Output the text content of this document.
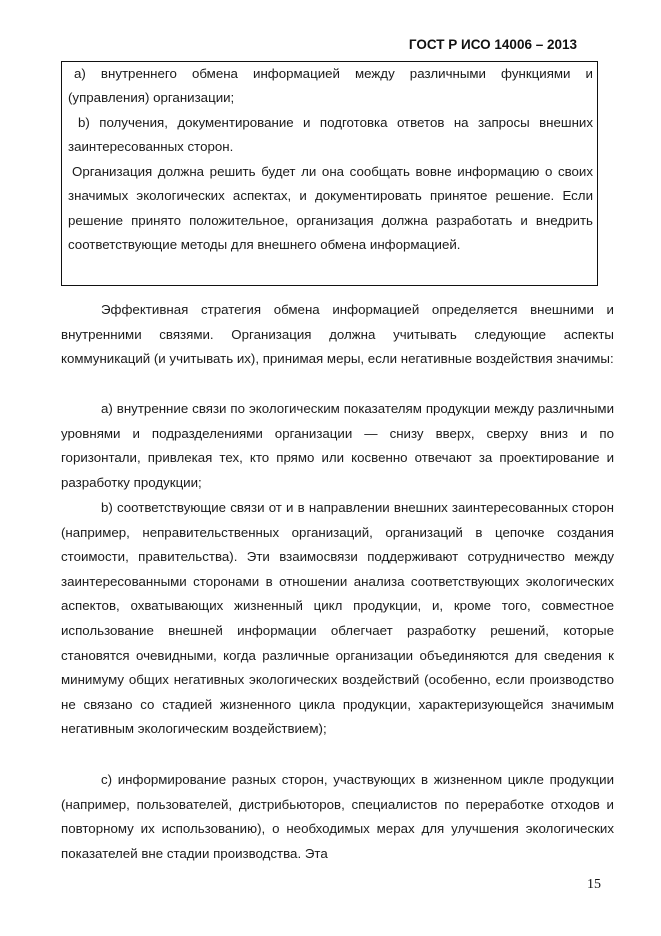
ГОСТ Р ИСО 14006 – 2013

а) внутреннего обмена информацией между различными функциями и (управления) организации;

b) получения, документирование и подготовка ответов на запросы внешних заинтересованных сторон.

Организация должна решить будет ли она сообщать вовне информацию о своих значимых экологических аспектах, и документировать принятое решение. Если решение принято положительное, организация должна разработать и внедрить соответствующие методы для внешнего обмена информацией.

Эффективная стратегия обмена информацией определяется внешними и внутренними связями. Организация должна учитывать следующие аспекты коммуникаций (и учитывать их), принимая меры, если негативные воздействия значимы:

а) внутренние связи по экологическим показателям продукции между различными уровнями и подразделениями организации — снизу вверх, сверху вниз и по горизонтали, привлекая тех, кто прямо или косвенно отвечают за проектирование и разработку продукции;

b) соответствующие связи от и в направлении внешних заинтересованных сторон (например, неправительственных организаций, организаций в цепочке создания стоимости, правительства). Эти взаимосвязи поддерживают сотрудничество между заинтересованными сторонами в отношении анализа соответствующих экологических аспектов, охватывающих жизненный цикл продукции, и, кроме того, совместное использование внешней информации облегчает разработку решений, которые становятся очевидными, когда различные организации объединяются для сведения к минимуму общих негативных экологических воздействий (особенно, если производство не связано со стадией жизненного цикла продукции, характеризующейся значимым негативным экологическим воздействием);

с) информирование разных сторон, участвующих в жизненном цикле продукции (например, пользователей, дистрибьюторов, специалистов по переработке отходов и повторному их использованию), о необходимых мерах для улучшения экологических показателей вне стадии производства. Эта

15
